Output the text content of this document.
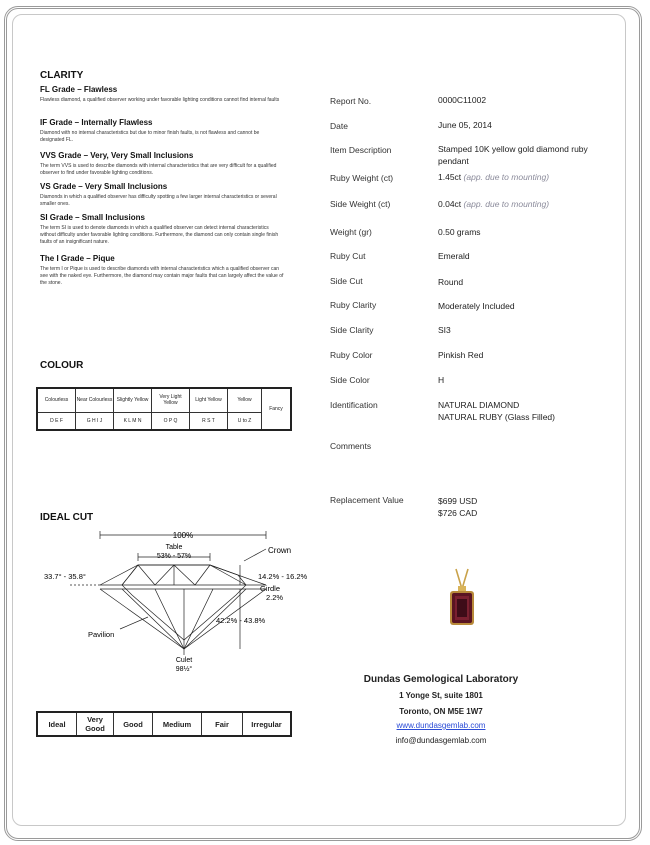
CLARITY
FL Grade – Flawless
Flawless diamond, a qualified observer working under favorable lighting conditions cannot find internal faults
IF Grade – Internally Flawless
Diamond with no internal characteristics but due to minor finish faults, is not flawless and cannot be designated FL.
VVS Grade – Very, Very Small Inclusions
The term VVS is used to describe diamonds with internal characteristics that are very difficult for a qualified observer to find under favorable lighting conditions.
VS Grade – Very Small Inclusions
Diamonds in which a qualified observer has difficulty spotting a few larger internal characteristics or several smaller ones.
SI Grade – Small Inclusions
The term SI is used to denote diamonds in which a qualified observer can detect internal characteristics without difficulty under favorable lighting conditions. Furthermore, the diamond can only contain single finish faults of an insignificant nature.
The I Grade – Pique
The term I or Pique is used to describe diamonds with internal characteristics which a qualified observer can see with the naked eye. Furthermore, the diamond may contain major faults that can largely affect the value of the stone.
COLOUR
Colourless	Near Colourless	Slightly Yellow	Very Light Yellow	Light Yellow	Yellow	Fancy
D E F	G H I J	K L M N	O P Q	R S T	U to Z	
IDEAL CUT
100%
Table
53% - 57%
Crown
33.7° - 35.8°	14.2% - 16.2%
Girdle
2.2%
42.2% - 43.8%
Pavilion
Culet
98½°
Ideal	Very Good	Good	Medium	Fair	Irregular
Report No.	0000C11002
Date	June 05, 2014
Item Description	Stamped 10K yellow gold diamond ruby pendant
Ruby Weight (ct)	1.45ct (app. due to mounting)
Side Weight (ct)	0.04ct (app. due to mounting)
Weight (gr)	0.50 grams
Ruby Cut	Emerald
Side Cut	Round
Ruby Clarity	Moderately Included
Side Clarity	SI3
Ruby Color	Pinkish Red
Side Color	H
Identification	NATURAL DIAMOND
NATURAL RUBY (Glass Filled)
Comments
Replacement Value	$699 USD
$726 CAD
Dundas Gemological Laboratory
1 Yonge St, suite 1801
Toronto, ON M5E 1W7
www.dundasgemlab.com
info@dundasgemlab.com
